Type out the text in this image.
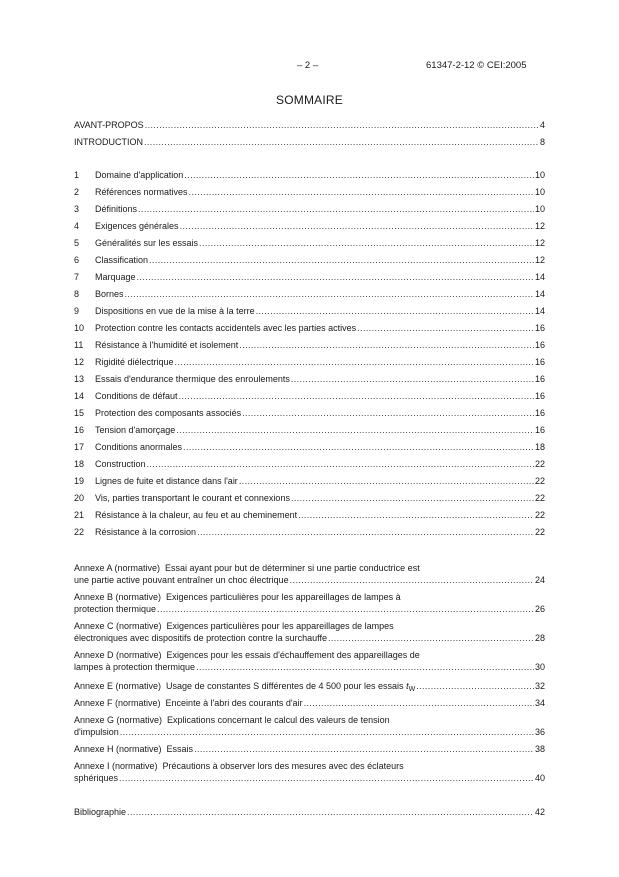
– 2 –	61347-2-12 © CEI:2005
SOMMAIRE
AVANT-PROPOS .....	4
INTRODUCTION .....	8
1	Domaine d'application .....	10
2	Références normatives .....	10
3	Définitions .....	10
4	Exigences générales .....	12
5	Généralités sur les essais .....	12
6	Classification .....	12
7	Marquage .....	14
8	Bornes .....	14
9	Dispositions en vue de la mise à la terre .....	14
10	Protection contre les contacts accidentels avec les parties actives .....	16
11	Résistance à l'humidité et isolement .....	16
12	Rigidité diélectrique .....	16
13	Essais d'endurance thermique des enroulements .....	16
14	Conditions de défaut .....	16
15	Protection des composants associés .....	16
16	Tension d'amorçage .....	16
17	Conditions anormales .....	18
18	Construction .....	22
19	Lignes de fuite et distance dans l'air .....	22
20	Vis, parties transportant le courant et connexions .....	22
21	Résistance à la chaleur, au feu et au cheminement .....	22
22	Résistance à la corrosion .....	22
Annexe A (normative) Essai ayant pour but de déterminer si une partie conductrice est
une partie active pouvant entraîner un choc électrique .....	24
Annexe B (normative) Exigences particulières pour les appareillages de lampes à
protection thermique .....	26
Annexe C (normative) Exigences particulières pour les appareillages de lampes
électroniques avec dispositifs de protection contre la surchauffe .....	28
Annexe D (normative) Exigences pour les essais d'échauffement des appareillages de
lampes à protection thermique .....	30
Annexe E (normative) Usage de constantes S différentes de 4 500 pour les essais $t_W$ .....	32
Annexe F (normative) Enceinte à l'abri des courants d'air .....	34
Annexe G (normative) Explications concernant le calcul des valeurs de tension
d'impulsion .....	36
Annexe H (normative) Essais .....	38
Annexe I (normative) Précautions à observer lors des mesures avec des éclateurs
sphériques .....	40
Bibliographie .....	42
